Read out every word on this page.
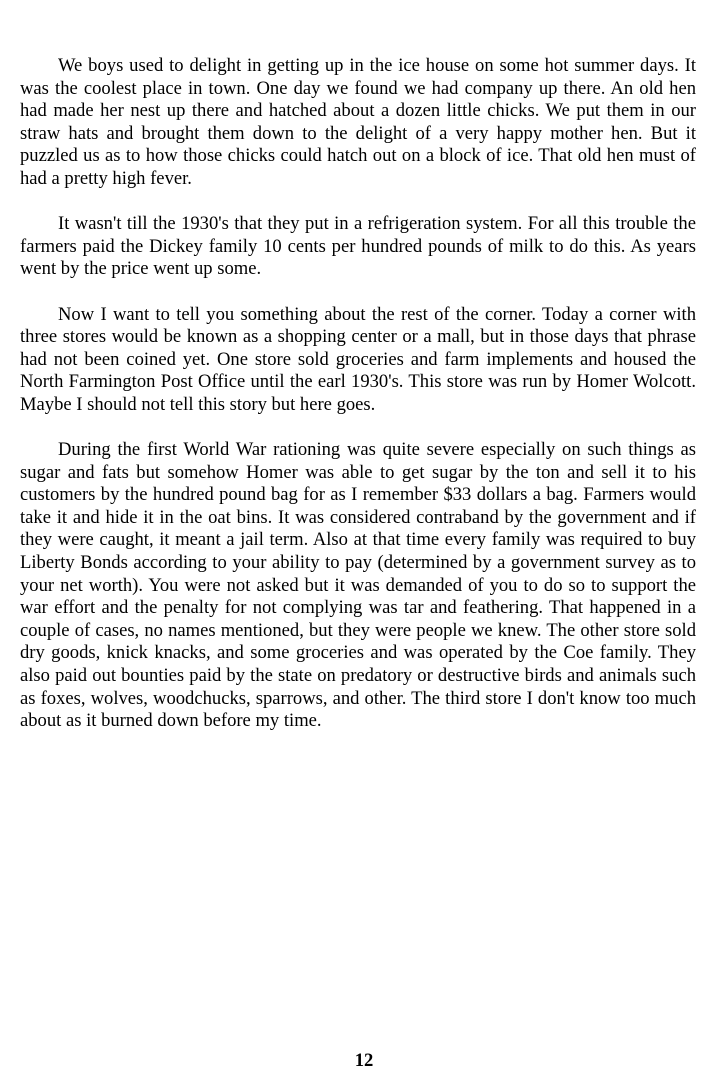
We boys used to delight in getting up in the ice house on some hot summer days. It was the coolest place in town. One day we found we had company up there. An old hen had made her nest up there and hatched about a dozen little chicks. We put them in our straw hats and brought them down to the delight of a very happy mother hen. But it puzzled us as to how those chicks could hatch out on a block of ice. That old hen must of had a pretty high fever.

It wasn't till the 1930's that they put in a refrigeration system. For all this trouble the farmers paid the Dickey family 10 cents per hundred pounds of milk to do this. As years went by the price went up some.

Now I want to tell you something about the rest of the corner. Today a corner with three stores would be known as a shopping center or a mall, but in those days that phrase had not been coined yet. One store sold groceries and farm implements and housed the North Farmington Post Office until the earl 1930's. This store was run by Homer Wolcott. Maybe I should not tell this story but here goes.

During the first World War rationing was quite severe especially on such things as sugar and fats but somehow Homer was able to get sugar by the ton and sell it to his customers by the hundred pound bag for as I remember $33 dollars a bag. Farmers would take it and hide it in the oat bins. It was considered contraband by the government and if they were caught, it meant a jail term. Also at that time every family was required to buy Liberty Bonds according to your ability to pay (determined by a government survey as to your net worth). You were not asked but it was demanded of you to do so to support the war effort and the penalty for not complying was tar and feathering. That happened in a couple of cases, no names mentioned, but they were people we knew. The other store sold dry goods, knick knacks, and some groceries and was operated by the Coe family. They also paid out bounties paid by the state on predatory or destructive birds and animals such as foxes, wolves, woodchucks, sparrows, and other. The third store I don't know too much about as it burned down before my time.

12
